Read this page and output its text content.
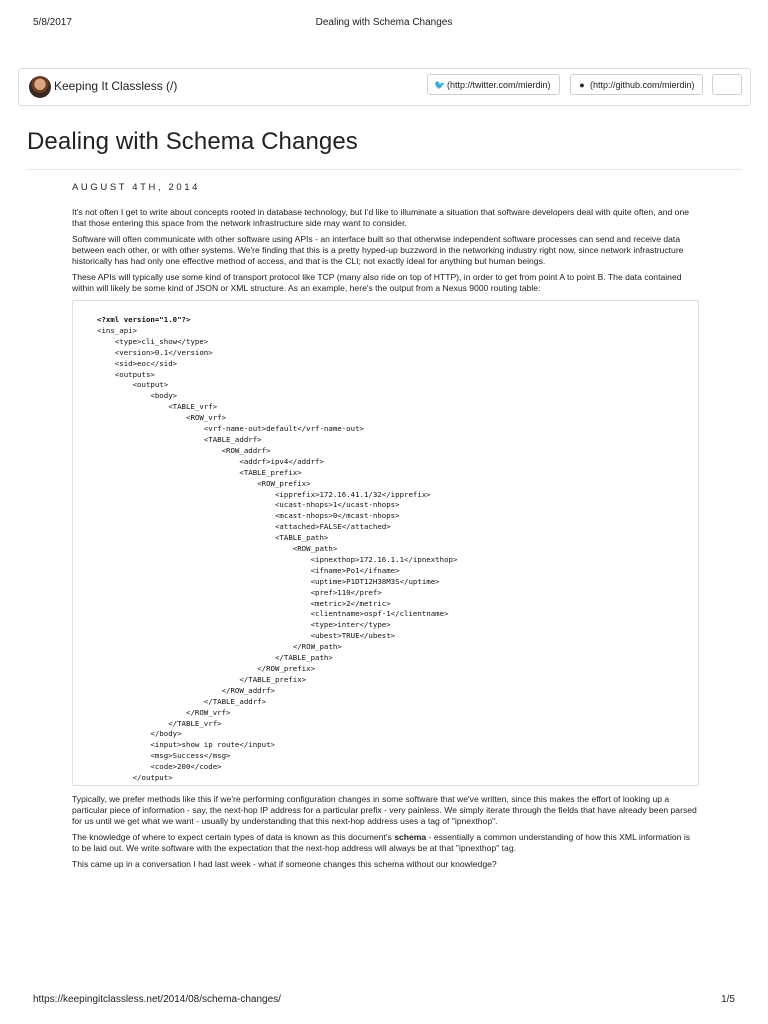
5/8/2017	Dealing with Schema Changes
Keeping It Classless (/)	🐦 (http://twitter.com/mierdin)	● (http://github.com/mierdin)
Dealing with Schema Changes
AUGUST 4TH, 2014

It's not often I get to write about concepts rooted in database technology, but I'd like to illuminate a situation that software developers deal with quite often, and one that those entering this space from the network infrastructure side may want to consider.

Software will often communicate with other software using APIs - an interface built so that otherwise independent software processes can send and receive data between each other, or with other systems. We're finding that this is a pretty hyped-up buzzword in the networking industry right now, since network infrastructure historically has had only one effective method of access, and that is the CLI; not exactly ideal for anything but human beings.

These APIs will typically use some kind of transport protocol like TCP (many also ride on top of HTTP), in order to get from point A to point B. The data contained within will likely be some kind of JSON or XML structure. As an example, here's the output from a Nexus 9000 routing table:

<?xml version="1.0"?>
<ins_api>
<type>cli_show</type>
<version>0.1</version>
<sid>eoc</sid>
<outputs>
<output>
<body>
<TABLE_vrf>
<ROW_vrf>
<vrf-name-out>default</vrf-name-out>
<TABLE_addrf>
<ROW_addrf>
<addrf>ipv4</addrf>
<TABLE_prefix>
<ROW_prefix>
<ipprefix>172.16.41.1/32</ipprefix>
<ucast-nhops>1</ucast-nhops>
<mcast-nhops>0</mcast-nhops>
<attached>FALSE</attached>
<TABLE_path>
<ROW_path>
<ipnexthop>172.16.1.1</ipnexthop>
<ifname>Po1</ifname>
<uptime>P1DT12H38M3S</uptime>
<pref>110</pref>
<metric>2</metric>
<clientname>ospf-1</clientname>
<type>inter</type>
<ubest>TRUE</ubest>
</ROW_path>
</TABLE_path>
</ROW_prefix>
</TABLE_prefix>
</ROW_addrf>
</TABLE_addrf>
</ROW_vrf>
</TABLE_vrf>
</body>
<input>show ip route</input>
<msg>Success</msg>
<code>200</code>
</output>

Typically, we prefer methods like this if we're performing configuration changes in some software that we've written, since this makes the effort of looking up a particular piece of information - say, the next-hop IP address for a particular prefix - very painless. We simply iterate through the fields that have already been parsed for us until we get what we want - usually by understanding that this next-hop address uses a tag of "ipnexthop".

The knowledge of where to expect certain types of data is known as this document's schema - essentially a common understanding of how this XML information is to be laid out. We write software with the expectation that the next-hop address will always be at that "ipnexthop" tag.

This came up in a conversation I had last week - what if someone changes this schema without our knowledge?

https://keepingitclassless.net/2014/08/schema-changes/	1/5
